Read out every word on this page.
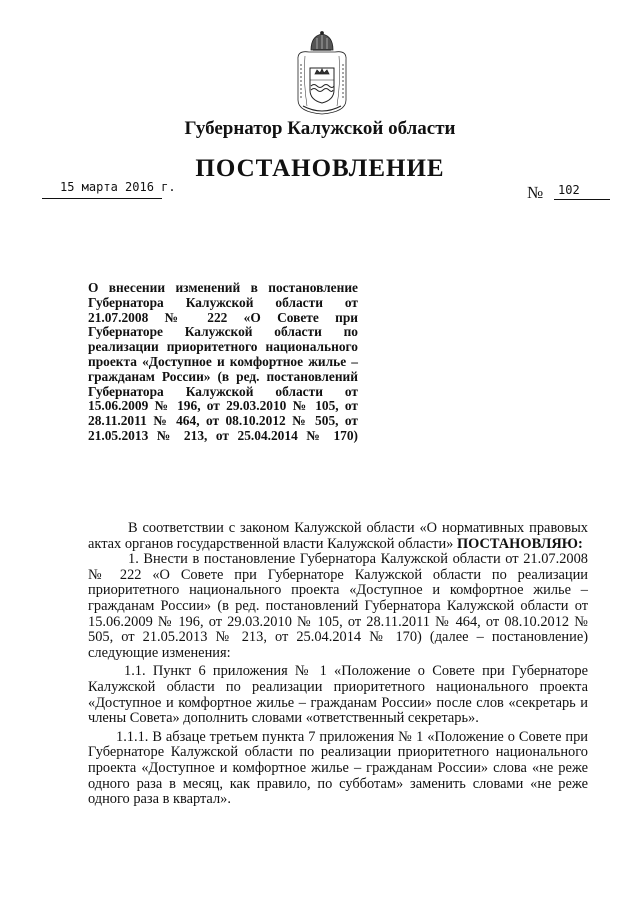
Губернатор Калужской области
ПОСТАНОВЛЕНИЕ
15 марта 2016 г.	№ 102

О внесении изменений в постановление Губернатора Калужской области от 21.07.2008 № 222 «О Совете при Губернаторе Калужской области по реализации приоритетного национального проекта «Доступное и комфортное жилье – гражданам России» (в ред. постановлений Губернатора Калужской области от 15.06.2009 № 196, от 29.03.2010 № 105, от 28.11.2011 № 464, от 08.10.2012 № 505, от 21.05.2013 № 213, от 25.04.2014 № 170)

В соответствии с законом Калужской области «О нормативных правовых актах органов государственной власти Калужской области» ПОСТАНОВЛЯЮ:

1. Внести в постановление Губернатора Калужской области от 21.07.2008 № 222 «О Совете при Губернаторе Калужской области по реализации приоритетного национального проекта «Доступное и комфортное жилье – гражданам России» (в ред. постановлений Губернатора Калужской области от 15.06.2009 № 196, от 29.03.2010 № 105, от 28.11.2011 № 464, от 08.10.2012 № 505, от 21.05.2013 № 213, от 25.04.2014 № 170) (далее – постановление) следующие изменения:

1.1. Пункт 6 приложения № 1 «Положение о Совете при Губернаторе Калужской области по реализации приоритетного национального проекта «Доступное и комфортное жилье – гражданам России» после слов «секретарь и члены Совета» дополнить словами «ответственный секретарь».

1.1.1. В абзаце третьем пункта 7 приложения № 1 «Положение о Совете при Губернаторе Калужской области по реализации приоритетного национального проекта «Доступное и комфортное жилье – гражданам России» слова «не реже одного раза в месяц, как правило, по субботам» заменить словами «не реже одного раза в квартал».
